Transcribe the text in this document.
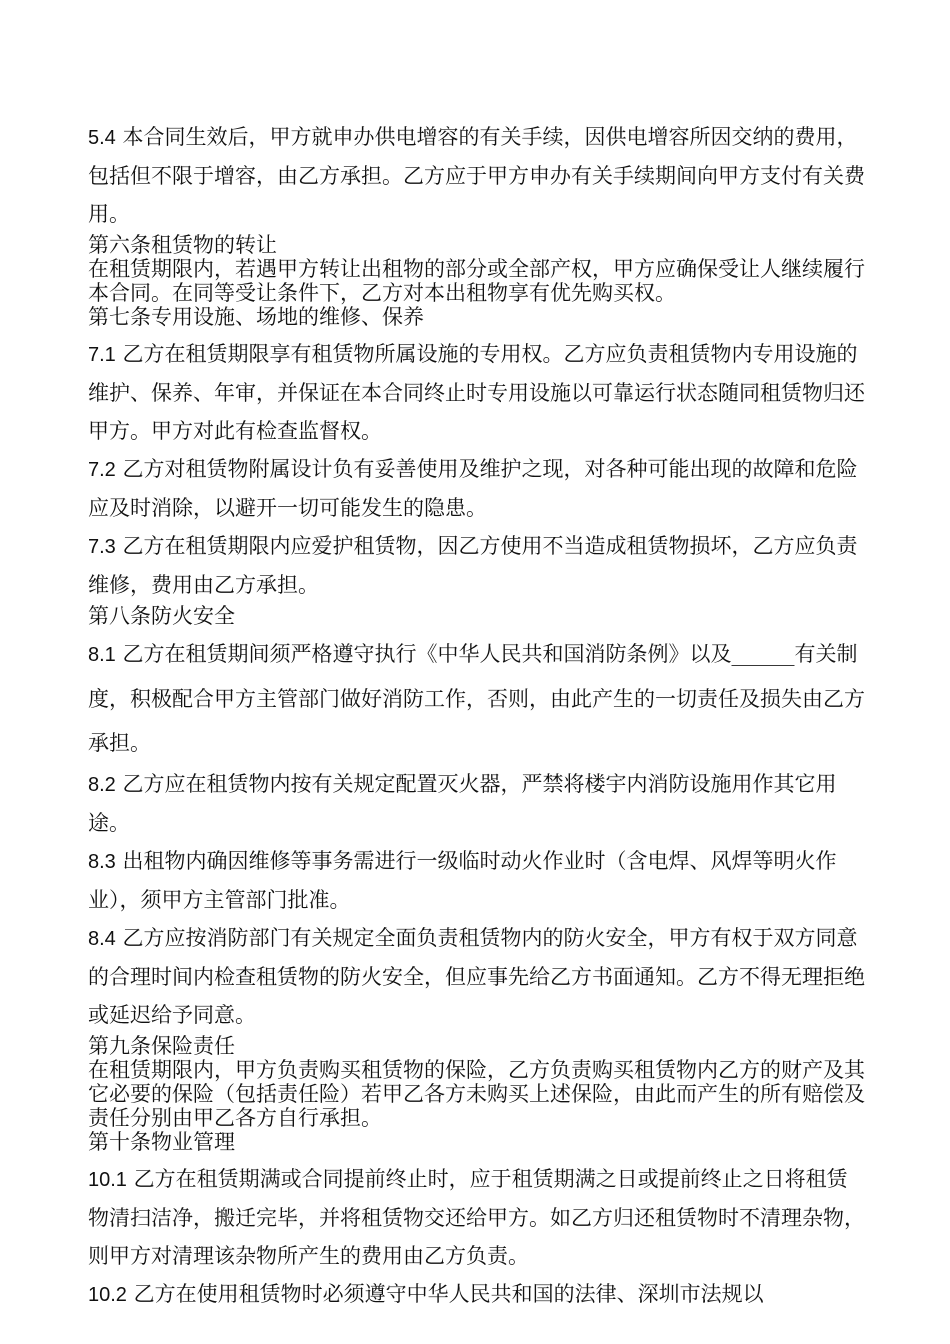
5.4 本合同生效后，甲方就申办供电增容的有关手续，因供电增容所因交纳的费用，包括但不限于增容，由乙方承担。乙方应于甲方申办有关手续期间向甲方支付有关费用。

第六条租赁物的转让

在租赁期限内，若遇甲方转让出租物的部分或全部产权，甲方应确保受让人继续履行本合同。在同等受让条件下，乙方对本出租物享有优先购买权。

第七条专用设施、场地的维修、保养

7.1 乙方在租赁期限享有租赁物所属设施的专用权。乙方应负责租赁物内专用设施的维护、保养、年审，并保证在本合同终止时专用设施以可靠运行状态随同租赁物归还甲方。甲方对此有检查监督权。

7.2 乙方对租赁物附属设计负有妥善使用及维护之现，对各种可能出现的故障和危险应及时消除，以避开一切可能发生的隐患。

7.3 乙方在租赁期限内应爱护租赁物，因乙方使用不当造成租赁物损坏，乙方应负责维修，费用由乙方承担。

第八条防火安全

8.1 乙方在租赁期间须严格遵守执行《中华人民共和国消防条例》以及______有关制度，积极配合甲方主管部门做好消防工作，否则，由此产生的一切责任及损失由乙方承担。

8.2 乙方应在租赁物内按有关规定配置灭火器，严禁将楼宇内消防设施用作其它用途。

8.3 出租物内确因维修等事务需进行一级临时动火作业时（含电焊、风焊等明火作业），须甲方主管部门批准。

8.4 乙方应按消防部门有关规定全面负责租赁物内的防火安全，甲方有权于双方同意的合理时间内检查租赁物的防火安全，但应事先给乙方书面通知。乙方不得无理拒绝或延迟给予同意。

第九条保险责任

在租赁期限内，甲方负责购买租赁物的保险，乙方负责购买租赁物内乙方的财产及其它必要的保险（包括责任险）若甲乙各方未购买上述保险，由此而产生的所有赔偿及责任分别由甲乙各方自行承担。

第十条物业管理

10.1 乙方在租赁期满或合同提前终止时，应于租赁期满之日或提前终止之日将租赁物清扫洁净，搬迁完毕，并将租赁物交还给甲方。如乙方归还租赁物时不清理杂物，则甲方对清理该杂物所产生的费用由乙方负责。

10.2 乙方在使用租赁物时必须遵守中华人民共和国的法律、深圳市法规以
